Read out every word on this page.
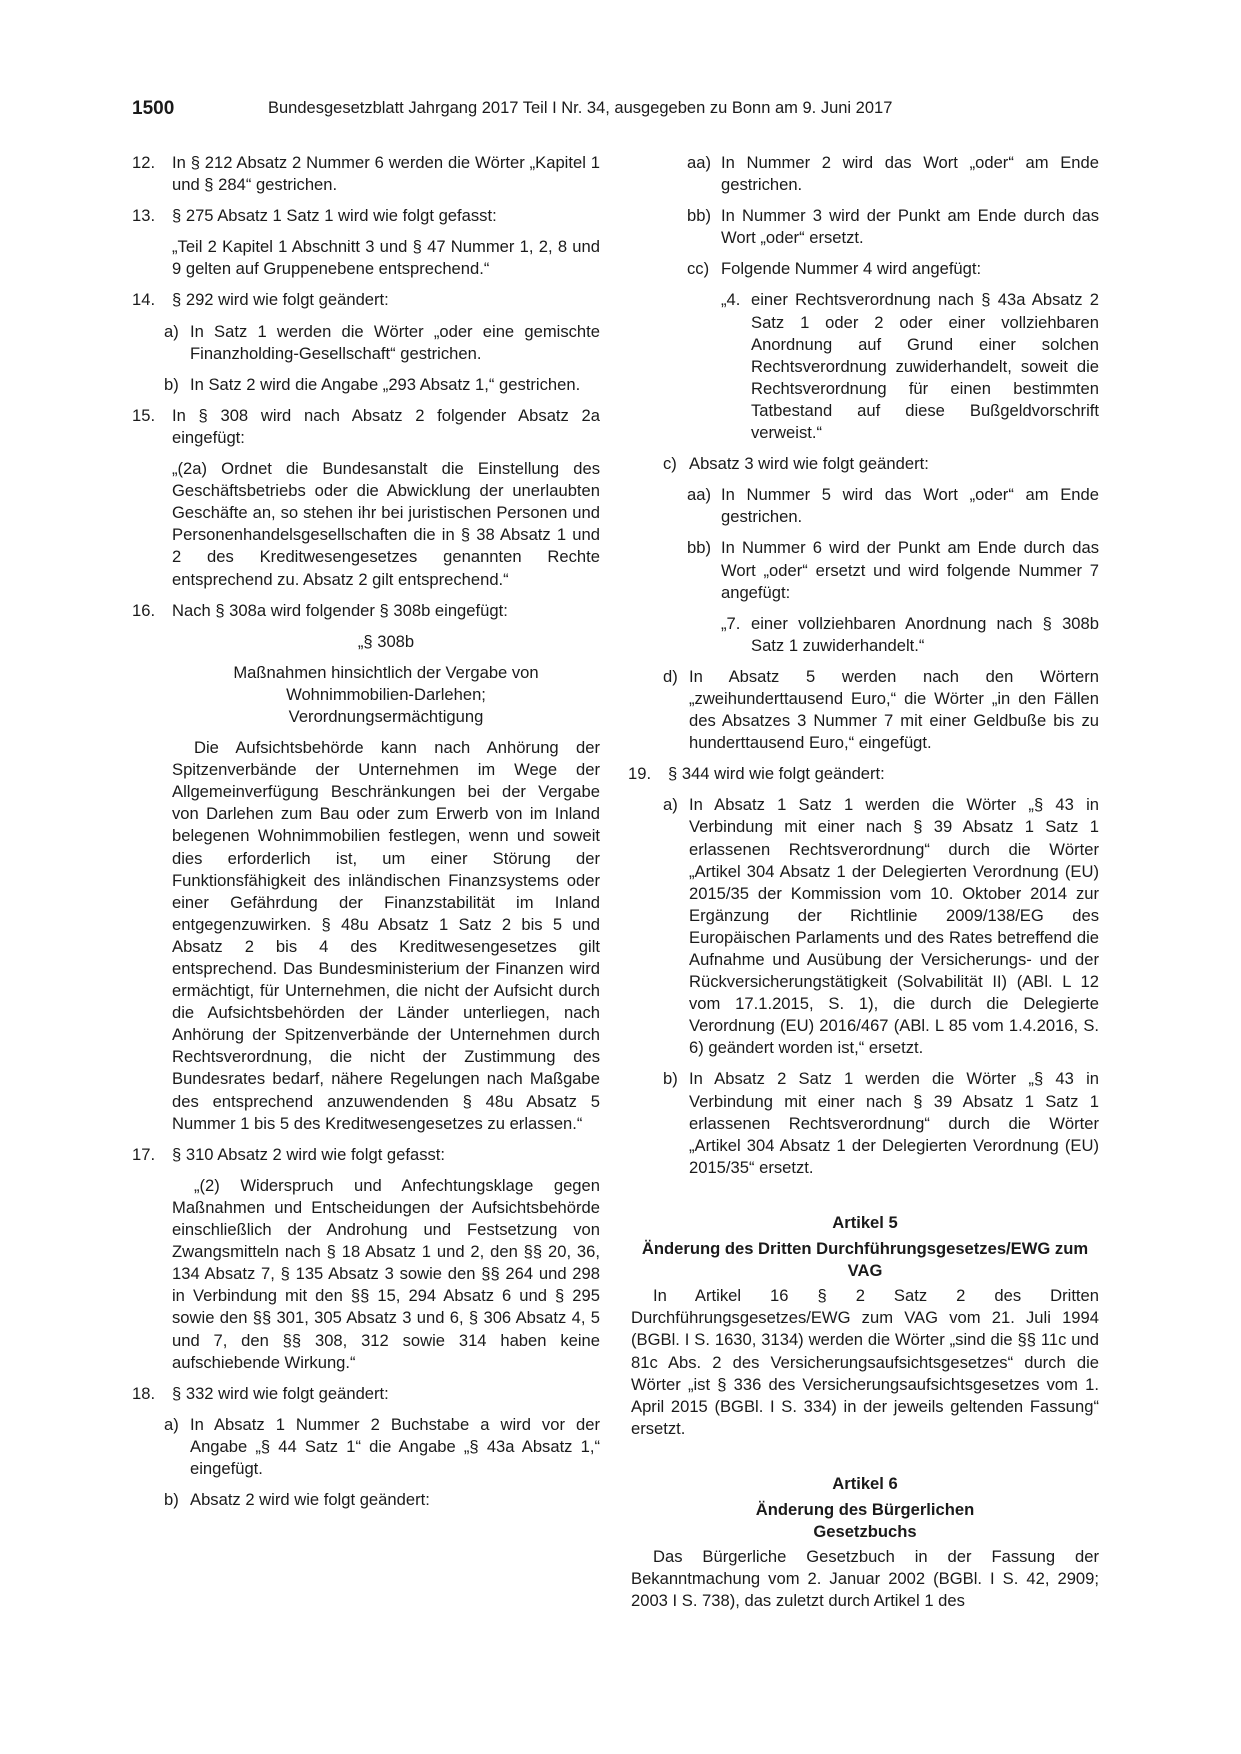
1500	Bundesgesetzblatt Jahrgang 2017 Teil I Nr. 34, ausgegeben zu Bonn am 9. Juni 2017
12. In § 212 Absatz 2 Nummer 6 werden die Wörter „Kapitel 1 und § 284“ gestrichen.
13. § 275 Absatz 1 Satz 1 wird wie folgt gefasst:

„Teil 2 Kapitel 1 Abschnitt 3 und § 47 Nummer 1, 2, 8 und 9 gelten auf Gruppenebene entsprechend.“

14. § 292 wird wie folgt geändert:
a) In Satz 1 werden die Wörter „oder eine gemischte Finanzholding-Gesellschaft“ gestrichen.
b) In Satz 2 wird die Angabe „293 Absatz 1,“ gestrichen.
15. In § 308 wird nach Absatz 2 folgender Absatz 2a eingefügt:

„(2a) Ordnet die Bundesanstalt die Einstellung des Geschäftsbetriebs oder die Abwicklung der unerlaubten Geschäfte an, so stehen ihr bei juristischen Personen und Personenhandelsgesellschaften die in § 38 Absatz 1 und 2 des Kreditwesengesetzes genannten Rechte entsprechend zu. Absatz 2 gilt entsprechend.“

16. Nach § 308a wird folgender § 308b eingefügt:

„§ 308b

Maßnahmen hinsichtlich der Vergabe von Wohnimmobilien-Darlehen; Verordnungsermächtigung

Die Aufsichtsbehörde kann nach Anhörung der Spitzenverbände der Unternehmen im Wege der Allgemeinverfügung Beschränkungen bei der Vergabe von Darlehen zum Bau oder zum Erwerb von im Inland belegenen Wohnimmobilien festlegen, wenn und soweit dies erforderlich ist, um einer Störung der Funktionsfähigkeit des inländischen Finanzsystems oder einer Gefährdung der Finanzstabilität im Inland entgegenzuwirken. § 48u Absatz 1 Satz 2 bis 5 und Absatz 2 bis 4 des Kreditwesengesetzes gilt entsprechend. Das Bundesministerium der Finanzen wird ermächtigt, für Unternehmen, die nicht der Aufsicht durch die Aufsichtsbehörden der Länder unterliegen, nach Anhörung der Spitzenverbände der Unternehmen durch Rechtsverordnung, die nicht der Zustimmung des Bundesrates bedarf, nähere Regelungen nach Maßgabe des entsprechend anzuwendenden § 48u Absatz 5 Nummer 1 bis 5 des Kreditwesengesetzes zu erlassen.“

17. § 310 Absatz 2 wird wie folgt gefasst:

„(2) Widerspruch und Anfechtungsklage gegen Maßnahmen und Entscheidungen der Aufsichtsbehörde einschließlich der Androhung und Festsetzung von Zwangsmitteln nach § 18 Absatz 1 und 2, den §§ 20, 36, 134 Absatz 7, § 135 Absatz 3 sowie den §§ 264 und 298 in Verbindung mit den §§ 15, 294 Absatz 6 und § 295 sowie den §§ 301, 305 Absatz 3 und 6, § 306 Absatz 4, 5 und 7, den §§ 308, 312 sowie 314 haben keine aufschiebende Wirkung.“

18. § 332 wird wie folgt geändert:
a) In Absatz 1 Nummer 2 Buchstabe a wird vor der Angabe „§ 44 Satz 1“ die Angabe „§ 43a Absatz 1,“ eingefügt.
b) Absatz 2 wird wie folgt geändert:
aa) In Nummer 2 wird das Wort „oder“ am Ende gestrichen.
bb) In Nummer 3 wird der Punkt am Ende durch das Wort „oder“ ersetzt.
cc) Folgende Nummer 4 wird angefügt:
„4. einer Rechtsverordnung nach § 43a Absatz 2 Satz 1 oder 2 oder einer vollziehbaren Anordnung auf Grund einer solchen Rechtsverordnung zuwiderhandelt, soweit die Rechtsverordnung für einen bestimmten Tatbestand auf diese Bußgeldvorschrift verweist.“
c) Absatz 3 wird wie folgt geändert:
aa) In Nummer 5 wird das Wort „oder“ am Ende gestrichen.
bb) In Nummer 6 wird der Punkt am Ende durch das Wort „oder“ ersetzt und wird folgende Nummer 7 angefügt:
„7. einer vollziehbaren Anordnung nach § 308b Satz 1 zuwiderhandelt.“
d) In Absatz 5 werden nach den Wörtern „zweihunderttausend Euro,“ die Wörter „in den Fällen des Absatzes 3 Nummer 7 mit einer Geldbuße bis zu hunderttausend Euro,“ eingefügt.
19. § 344 wird wie folgt geändert:
a) In Absatz 1 Satz 1 werden die Wörter „§ 43 in Verbindung mit einer nach § 39 Absatz 1 Satz 1 erlassenen Rechtsverordnung“ durch die Wörter „Artikel 304 Absatz 1 der Delegierten Verordnung (EU) 2015/35 der Kommission vom 10. Oktober 2014 zur Ergänzung der Richtlinie 2009/138/EG des Europäischen Parlaments und des Rates betreffend die Aufnahme und Ausübung der Versicherungs- und der Rückversicherungstätigkeit (Solvabilität II) (ABl. L 12 vom 17.1.2015, S. 1), die durch die Delegierte Verordnung (EU) 2016/467 (ABl. L 85 vom 1.4.2016, S. 6) geändert worden ist,“ ersetzt.
b) In Absatz 2 Satz 1 werden die Wörter „§ 43 in Verbindung mit einer nach § 39 Absatz 1 Satz 1 erlassenen Rechtsverordnung“ durch die Wörter „Artikel 304 Absatz 1 der Delegierten Verordnung (EU) 2015/35“ ersetzt.

Artikel 5

Änderung des Dritten Durchführungsgesetzes/EWG zum VAG

In Artikel 16 § 2 Satz 2 des Dritten Durchführungsgesetzes/EWG zum VAG vom 21. Juli 1994 (BGBl. I S. 1630, 3134) werden die Wörter „sind die §§ 11c und 81c Abs. 2 des Versicherungsaufsichtsgesetzes“ durch die Wörter „ist § 336 des Versicherungsaufsichtsgesetzes vom 1. April 2015 (BGBl. I S. 334) in der jeweils geltenden Fassung“ ersetzt.

Artikel 6

Änderung des Bürgerlichen Gesetzbuchs

Das Bürgerliche Gesetzbuch in der Fassung der Bekanntmachung vom 2. Januar 2002 (BGBl. I S. 42, 2909; 2003 I S. 738), das zuletzt durch Artikel 1 des
